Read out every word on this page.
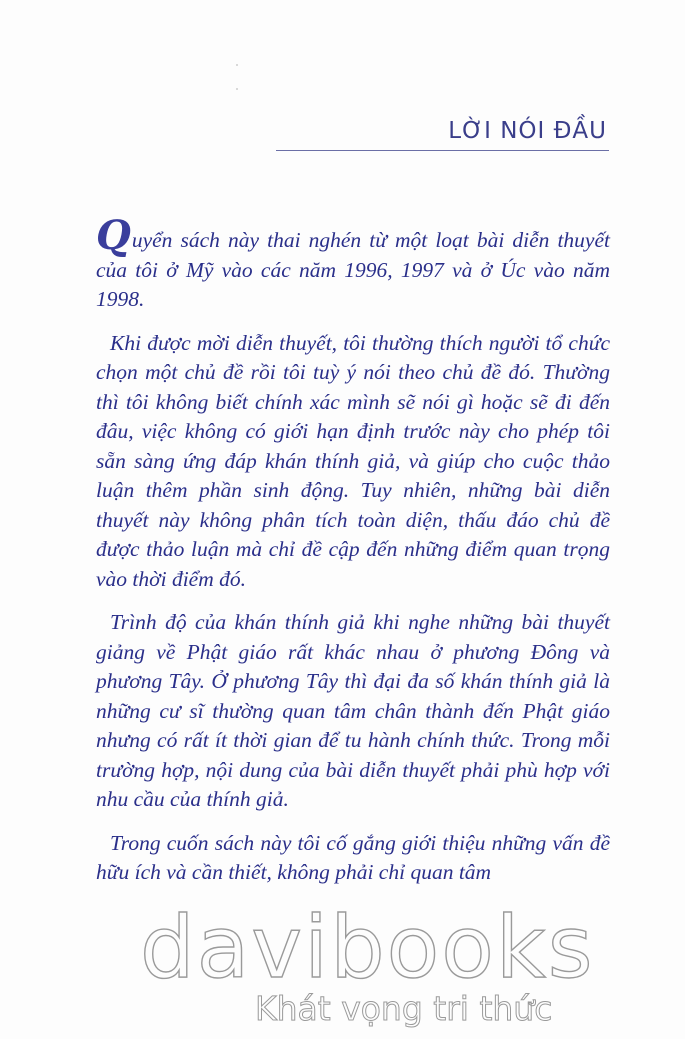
LỜI NÓI ĐẦU

Quyển sách này thai nghén từ một loạt bài diễn thuyết của tôi ở Mỹ vào các năm 1996, 1997 và ở Úc vào năm 1998.

Khi được mời diễn thuyết, tôi thường thích người tổ chức chọn một chủ đề rồi tôi tuỳ ý nói theo chủ đề đó. Thường thì tôi không biết chính xác mình sẽ nói gì hoặc sẽ đi đến đâu, việc không có giới hạn định trước này cho phép tôi sẵn sàng ứng đáp khán thính giả, và giúp cho cuộc thảo luận thêm phần sinh động. Tuy nhiên, những bài diễn thuyết này không phân tích toàn diện, thấu đáo chủ đề được thảo luận mà chỉ đề cập đến những điểm quan trọng vào thời điểm đó.

Trình độ của khán thính giả khi nghe những bài thuyết giảng về Phật giáo rất khác nhau ở phương Đông và phương Tây. Ở phương Tây thì đại đa số khán thính giả là những cư sĩ thường quan tâm chân thành đến Phật giáo nhưng có rất ít thời gian để tu hành chính thức. Trong mỗi trường hợp, nội dung của bài diễn thuyết phải phù hợp với nhu cầu của thính giả.

Trong cuốn sách này tôi cố gắng giới thiệu những vấn đề hữu ích và cần thiết, không phải chỉ quan tâm

davibooks
Khát vọng tri thức
